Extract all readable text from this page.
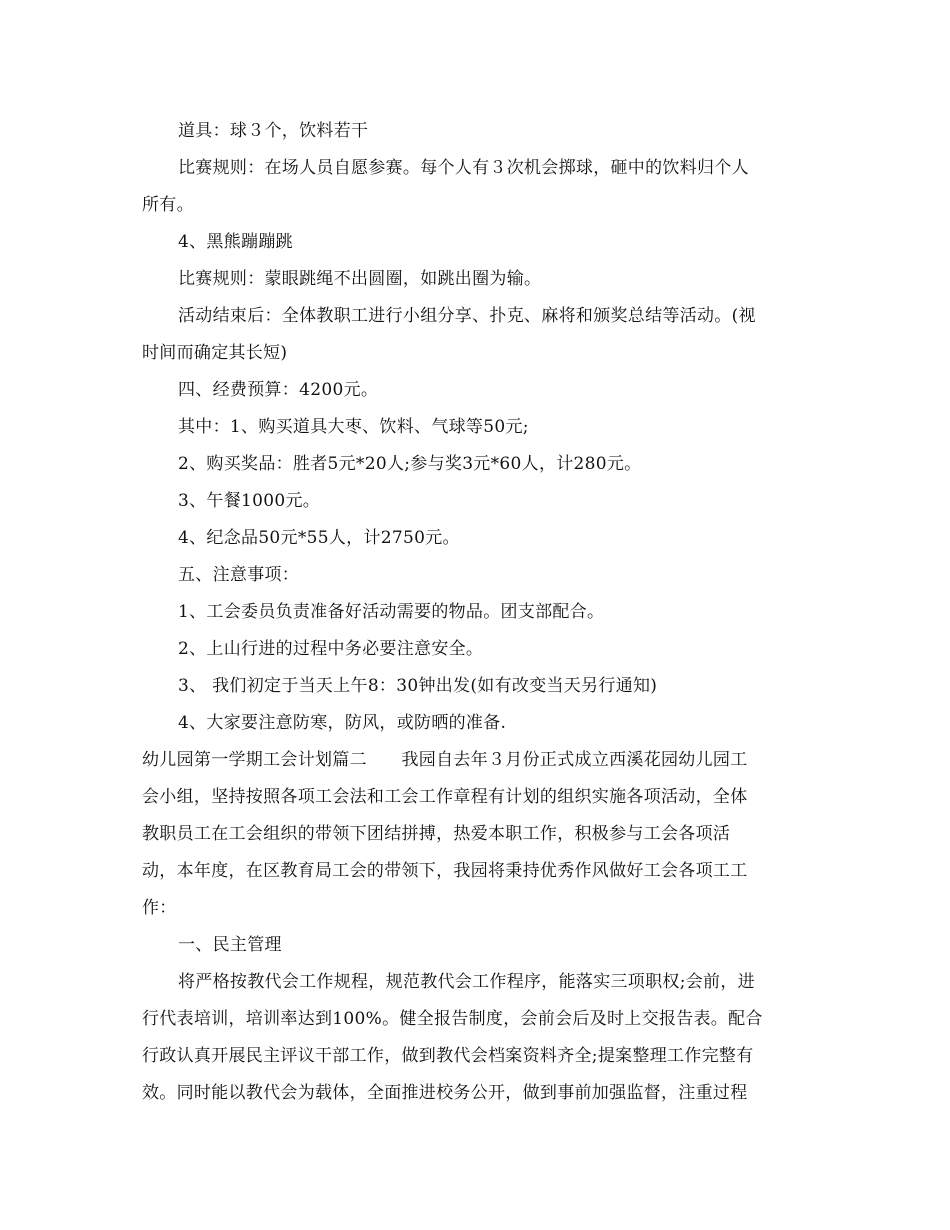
道具：球３个，饮料若干
比赛规则：在场人员自愿参赛。每个人有３次机会掷球，砸中的饮料归个人
所有。
4、黑熊蹦蹦跳
比赛规则：蒙眼跳绳不出圆圈，如跳出圈为输。
活动结束后：全体教职工进行小组分享、扑克、麻将和颁奖总结等活动。(视
时间而确定其长短)
四、经费预算：4200元。
其中：1、购买道具大枣、饮料、气球等50元;
2、购买奖品：胜者5元*20人;参与奖3元*60人，计280元。
3、午餐1000元。
4、纪念品50元*55人，计2750元。
五、注意事项：
1、工会委员负责准备好活动需要的物品。团支部配合。
2、上山行进的过程中务必要注意安全。
3、 我们初定于当天上午8：30钟出发(如有改变当天另行通知)
4、大家要注意防寒，防风，或防晒的准备.
幼儿园第一学期工会计划篇二　　我园自去年３月份正式成立西溪花园幼儿园工
会小组，坚持按照各项工会法和工会工作章程有计划的组织实施各项活动，全体
教职员工在工会组织的带领下团结拼搏，热爱本职工作，积极参与工会各项活
动，本年度，在区教育局工会的带领下，我园将秉持优秀作风做好工会各项工工
作：
一、民主管理
将严格按教代会工作规程，规范教代会工作程序，能落实三项职权;会前，进
行代表培训，培训率达到100%。健全报告制度，会前会后及时上交报告表。配合
行政认真开展民主评议干部工作，做到教代会档案资料齐全;提案整理工作完整有
效。同时能以教代会为载体，全面推进校务公开，做到事前加强监督，注重过程
